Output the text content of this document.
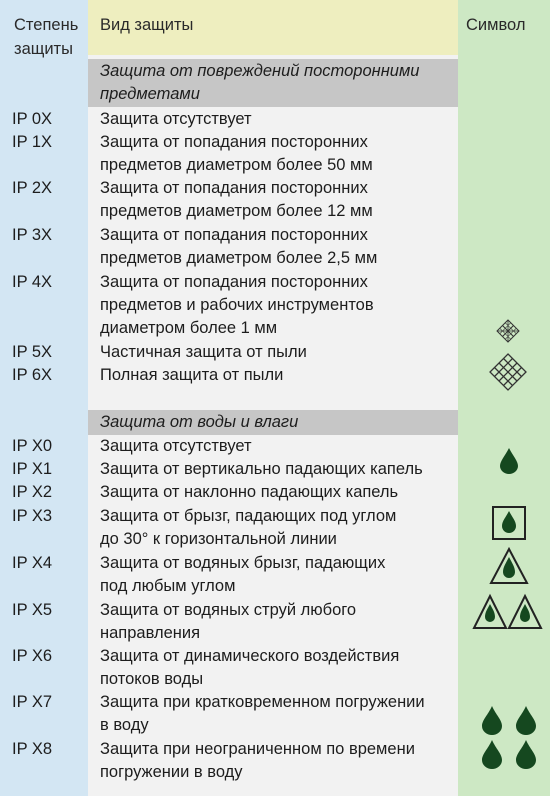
Степень
защиты
Вид защиты	Символ
Защита от повреждений посторонними
предметами
Защита от воды и влаги
IP 0X	Защита отсутствует
IP 1X	Защита от попадания посторонних
предметов диаметром более 50 мм
IP 2X	Защита от попадания посторонних
предметов диаметром более 12 мм
IP 3X	Защита от попадания посторонних
предметов диаметром более 2,5 мм
IP 4X	Защита от попадания посторонних
предметов и рабочих инструментов
диаметром более 1 мм
IP 5X	Частичная защита от пыли
IP 6X	Полная защита от пыли
IP X0	Защита отсутствует
IP X1	Защита от вертикально падающих капель
IP X2	Защита от наклонно падающих капель
IP X3	Защита от брызг, падающих под углом
до 30° к горизонтальной линии
IP X4	Защита от водяных брызг, падающих
под любым углом
IP X5	Защита от водяных струй любого
направления
IP X6	Защита от динамического воздействия
потоков воды
IP X7	Защита при кратковременном погружении
в воду
IP X8	Защита при неограниченном по времени
погружении в воду
